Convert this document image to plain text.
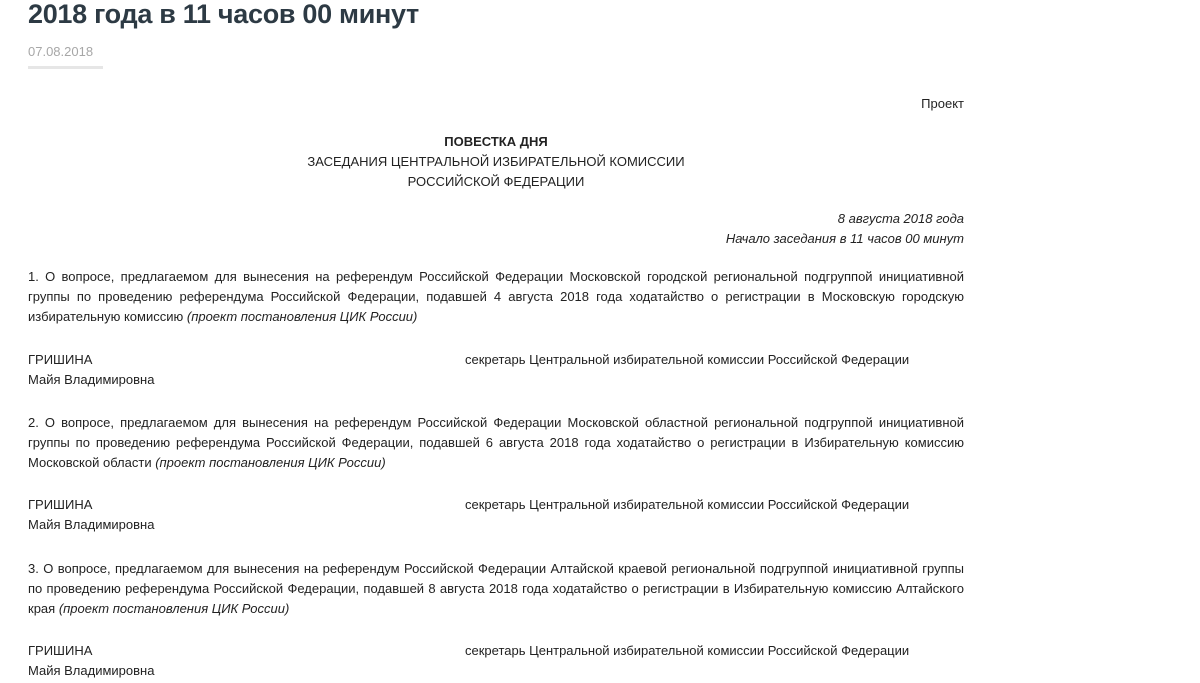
2018 года в 11 часов 00 минут
07.08.2018
Проект
ПОВЕСТКА ДНЯ
ЗАСЕДАНИЯ ЦЕНТРАЛЬНОЙ ИЗБИРАТЕЛЬНОЙ КОМИССИИ
РОССИЙСКОЙ ФЕДЕРАЦИИ
8 августа 2018 года
Начало заседания в 11 часов 00 минут
1. О вопросе, предлагаемом для вынесения на референдум Российской Федерации Московской городской региональной подгруппой инициативной группы по проведению референдума Российской Федерации, подавшей 4 августа 2018 года ходатайство о регистрации в Московскую городскую избирательную комиссию (проект постановления ЦИК России)
ГРИШИНА
Майя Владимировна
секретарь Центральной избирательной комиссии Российской Федерации
2. О вопросе, предлагаемом для вынесения на референдум Российской Федерации Московской областной региональной подгруппой инициативной группы по проведению референдума Российской Федерации, подавшей 6 августа 2018 года ходатайство о регистрации в Избирательную комиссию Московской области (проект постановления ЦИК России)
ГРИШИНА
Майя Владимировна
секретарь Центральной избирательной комиссии Российской Федерации
3. О вопросе, предлагаемом для вынесения на референдум Российской Федерации Алтайской краевой региональной подгруппой инициативной группы по проведению референдума Российской Федерации, подавшей 8 августа 2018 года ходатайство о регистрации в Избирательную комиссию Алтайского края (проект постановления ЦИК России)
ГРИШИНА
Майя Владимировна
секретарь Центральной избирательной комиссии Российской Федерации
